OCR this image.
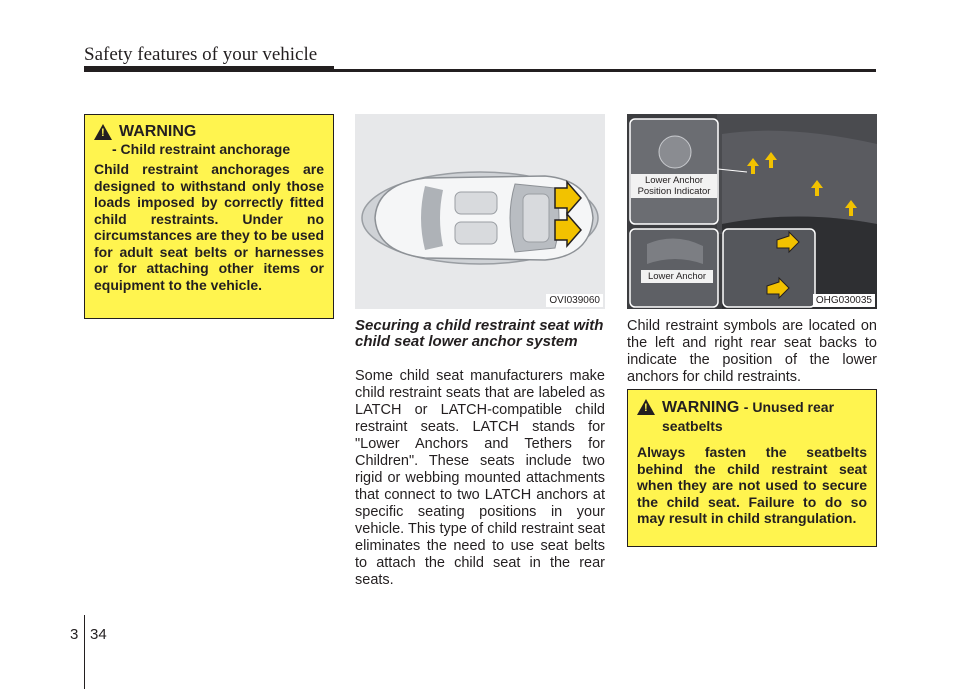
Safety features of your vehicle
! WARNING
- Child restraint anchorage
Child restraint anchorages are designed to withstand only those loads imposed by correctly fitted child restraints. Under no circumstances are they to be used for adult seat belts or harnesses or for attaching other items or equipment to the vehicle.
OVI039060
Securing a child restraint seat with child seat lower anchor system
Some child seat manufacturers make child restraint seats that are labeled as LATCH or LATCH-compatible child restraint seats. LATCH stands for "Lower Anchors and Tethers for Children". These seats include two rigid or webbing mounted attachments that connect to two LATCH anchors at specific seating positions in your vehicle. This type of child restraint seat eliminates the need to use seat belts to attach the child seat in the rear seats.
Lower Anchor Position Indicator
Lower Anchor
OHG030035
Child restraint symbols are located on the left and right rear seat backs to indicate the position of the lower anchors for child restraints.
! WARNING - Unused rear seatbelts
Always fasten the seatbelts behind the child restraint seat when they are not used to secure the child seat. Failure to do so may result in child strangulation.
3 34
